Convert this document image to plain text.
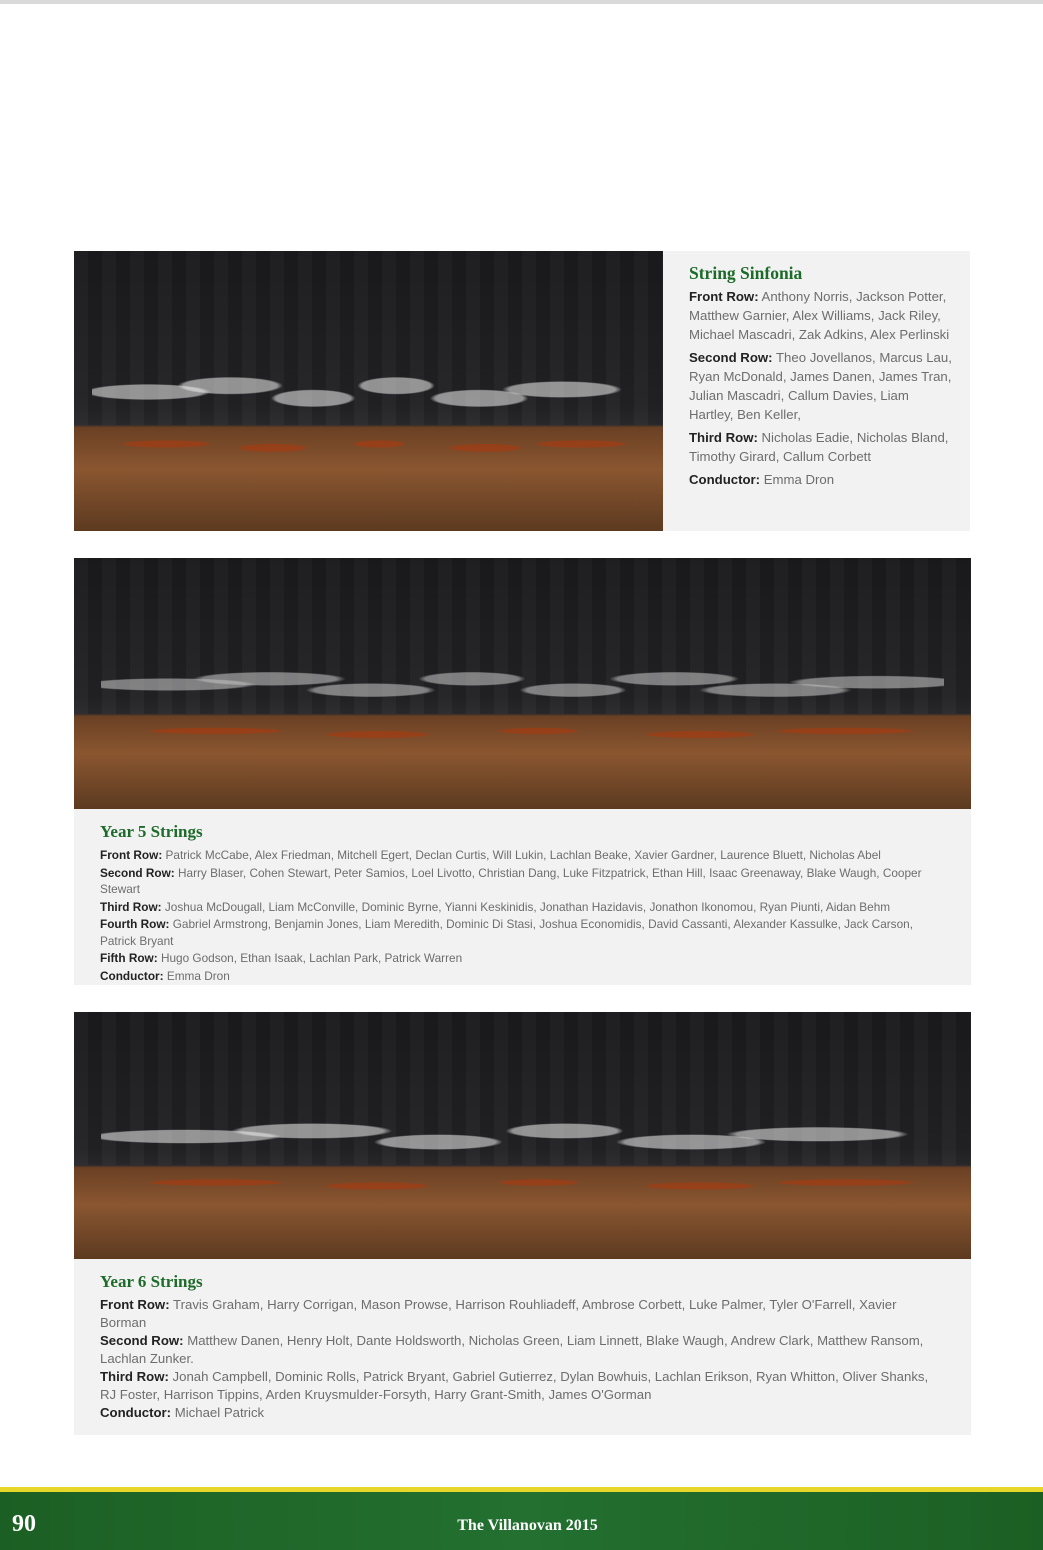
String Sinfonia

Front Row: Anthony Norris, Jackson Potter, Matthew Garnier, Alex Williams, Jack Riley, Michael Mascadri, Zak Adkins, Alex Perlinski

Second Row: Theo Jovellanos, Marcus Lau, Ryan McDonald, James Danen, James Tran, Julian Mascadri, Callum Davies, Liam Hartley, Ben Keller,

Third Row: Nicholas Eadie, Nicholas Bland, Timothy Girard, Callum Corbett

Conductor: Emma Dron

Year 5 Strings

Front Row: Patrick McCabe, Alex Friedman, Mitchell Egert, Declan Curtis, Will Lukin, Lachlan Beake, Xavier Gardner, Laurence Bluett, Nicholas Abel

Second Row: Harry Blaser, Cohen Stewart, Peter Samios, Loel Livotto, Christian Dang, Luke Fitzpatrick, Ethan Hill, Isaac Greenaway, Blake Waugh, Cooper Stewart

Third Row: Joshua McDougall, Liam McConville, Dominic Byrne, Yianni Keskinidis, Jonathan Hazidavis, Jonathon Ikonomou, Ryan Piunti, Aidan Behm

Fourth Row: Gabriel Armstrong, Benjamin Jones, Liam Meredith, Dominic Di Stasi, Joshua Economidis, David Cassanti, Alexander Kassulke, Jack Carson, Patrick Bryant

Fifth Row: Hugo Godson, Ethan Isaak, Lachlan Park, Patrick Warren

Conductor: Emma Dron

Year 6 Strings

Front Row: Travis Graham, Harry Corrigan, Mason Prowse, Harrison Rouhliadeff, Ambrose Corbett, Luke Palmer, Tyler O'Farrell, Xavier Borman

Second Row: Matthew Danen, Henry Holt, Dante Holdsworth, Nicholas Green, Liam Linnett, Blake Waugh, Andrew Clark, Matthew Ransom, Lachlan Zunker.

Third Row: Jonah Campbell, Dominic Rolls, Patrick Bryant, Gabriel Gutierrez, Dylan Bowhuis, Lachlan Erikson, Ryan Whitton, Oliver Shanks, RJ Foster, Harrison Tippins, Arden Kruysmulder-Forsyth, Harry Grant-Smith, James O'Gorman

Conductor: Michael Patrick

90	The Villanovan 2015
